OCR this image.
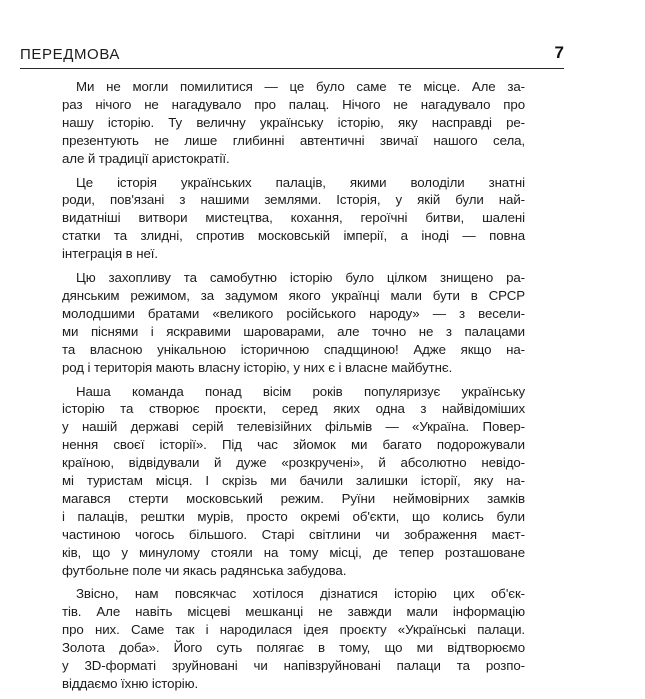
ПЕРЕДМОВА	7

Ми не могли помилитися — це було саме те місце. Але за-
раз нічого не нагадувало про палац. Нічого не нагадувало про
нашу історію. Ту величну українську історію, яку насправді ре-
презентують не лише глибинні автентичні звичаї нашого села,
але й традиції аристократії.

Це історія українських палаців, якими володіли знатні
роди, пов'язані з нашими землями. Історія, у якій були най-
видатніші витвори мистецтва, кохання, героїчні битви, шалені
статки та злидні, спротив московській імперії, а іноді — повна
інтеграція в неї.

Цю захопливу та самобутню історію було цілком знищено ра-
дянським режимом, за задумом якого українці мали бути в СРСР
молодшими братами «великого російського народу» — з весели-
ми піснями і яскравими шароварами, але точно не з палацами
та власною унікальною історичною спадщиною! Адже якщо на-
род і територія мають власну історію, у них є і власне майбутнє.

Наша команда понад вісім років популяризує українську
історію та створює проєкти, серед яких одна з найвідоміших
у нашій державі серій телевізійних фільмів — «Україна. Повер-
нення своєї історії». Під час зйомок ми багато подорожували
країною, відвідували й дуже «розкручені», й абсолютно невідо-
мі туристам місця. І скрізь ми бачили залишки історії, яку на-
магався стерти московський режим. Руїни неймовірних замків
і палаців, рештки мурів, просто окремі об'єкти, що колись були
частиною чогось більшого. Старі світлини чи зображення маєт-
ків, що у минулому стояли на тому місці, де тепер розташоване
футбольне поле чи якась радянська забудова.

Звісно, нам повсякчас хотілося дізнатися історію цих об'єк-
тів. Але навіть місцеві мешканці не завжди мали інформацію
про них. Саме так і народилася ідея проєкту «Українські палаци.
Золота доба». Його суть полягає в тому, що ми відтворюємо
у 3D-форматі зруйновані чи напівзруйновані палаци та розпо-
віддаємо їхню історію.
